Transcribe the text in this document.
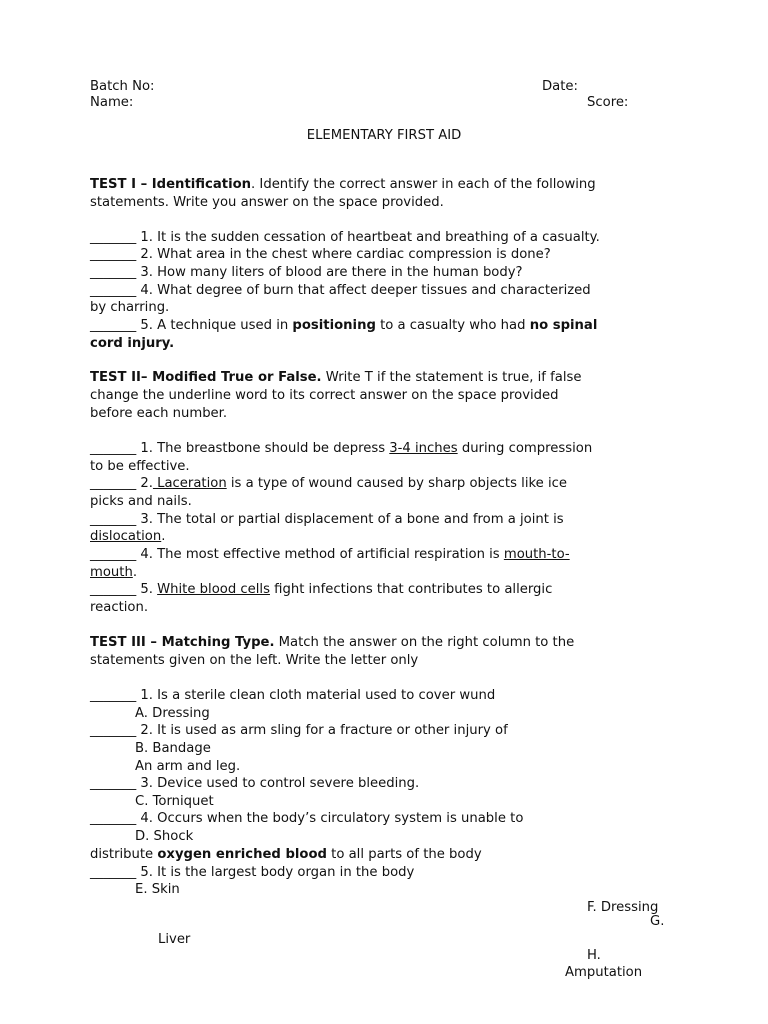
Batch No:	Date:
Name:	Score:
ELEMENTARY FIRST AID
TEST I – Identification. Identify the correct answer in each of the following
statements. Write you answer on the space provided.
_______ 1. It is the sudden cessation of heartbeat and breathing of a casualty.
_______ 2. What area in the chest where cardiac compression is done?
_______ 3. How many liters of blood are there in the human body?
_______ 4. What degree of burn that affect deeper tissues and characterized
by charring.
_______ 5. A technique used in positioning to a casualty who had no spinal
cord injury.
TEST II– Modified True or False. Write T if the statement is true, if false
change the underline word to its correct answer on the space provided
before each number.
_______ 1. The breastbone should be depress 3-4 inches during compression
to be effective.
_______ 2. Laceration is a type of wound caused by sharp objects like ice
picks and nails.
_______ 3. The total or partial displacement of a bone and from a joint is
dislocation.
_______ 4. The most effective method of artificial respiration is mouth-to-
mouth.
_______ 5. White blood cells fight infections that contributes to allergic
reaction.
TEST III – Matching Type. Match the answer on the right column to the
statements given on the left. Write the letter only
_______ 1. Is a sterile clean cloth material used to cover wund
A. Dressing
_______ 2. It is used as arm sling for a fracture or other injury of
B. Bandage
An arm and leg.
_______ 3. Device used to control severe bleeding.
C. Torniquet
_______ 4. Occurs when the body’s circulatory system is unable to
D. Shock
distribute oxygen enriched blood to all parts of the body
_______ 5. It is the largest body organ in the body
E. Skin
F. Dressing
G.
Liver
H.
Amputation
